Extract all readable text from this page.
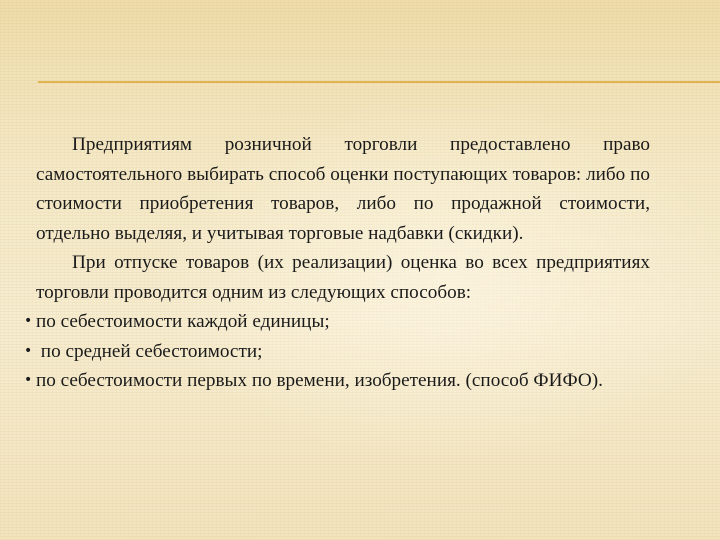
Предприятиям розничной торговли предоставлено право самостоятельного выбирать способ оценки поступающих товаров: либо по стоимости приобретения товаров, либо по продажной стоимости, отдельно выделяя, и учитывая торговые надбавки (скидки).

При отпуске товаров (их реализации) оценка во всех предприятиях торговли проводится одним из следующих способов:

• по себестоимости каждой единицы;
• по средней себестоимости;
• по себестоимости первых по времени, изобретения. (способ ФИФО).
